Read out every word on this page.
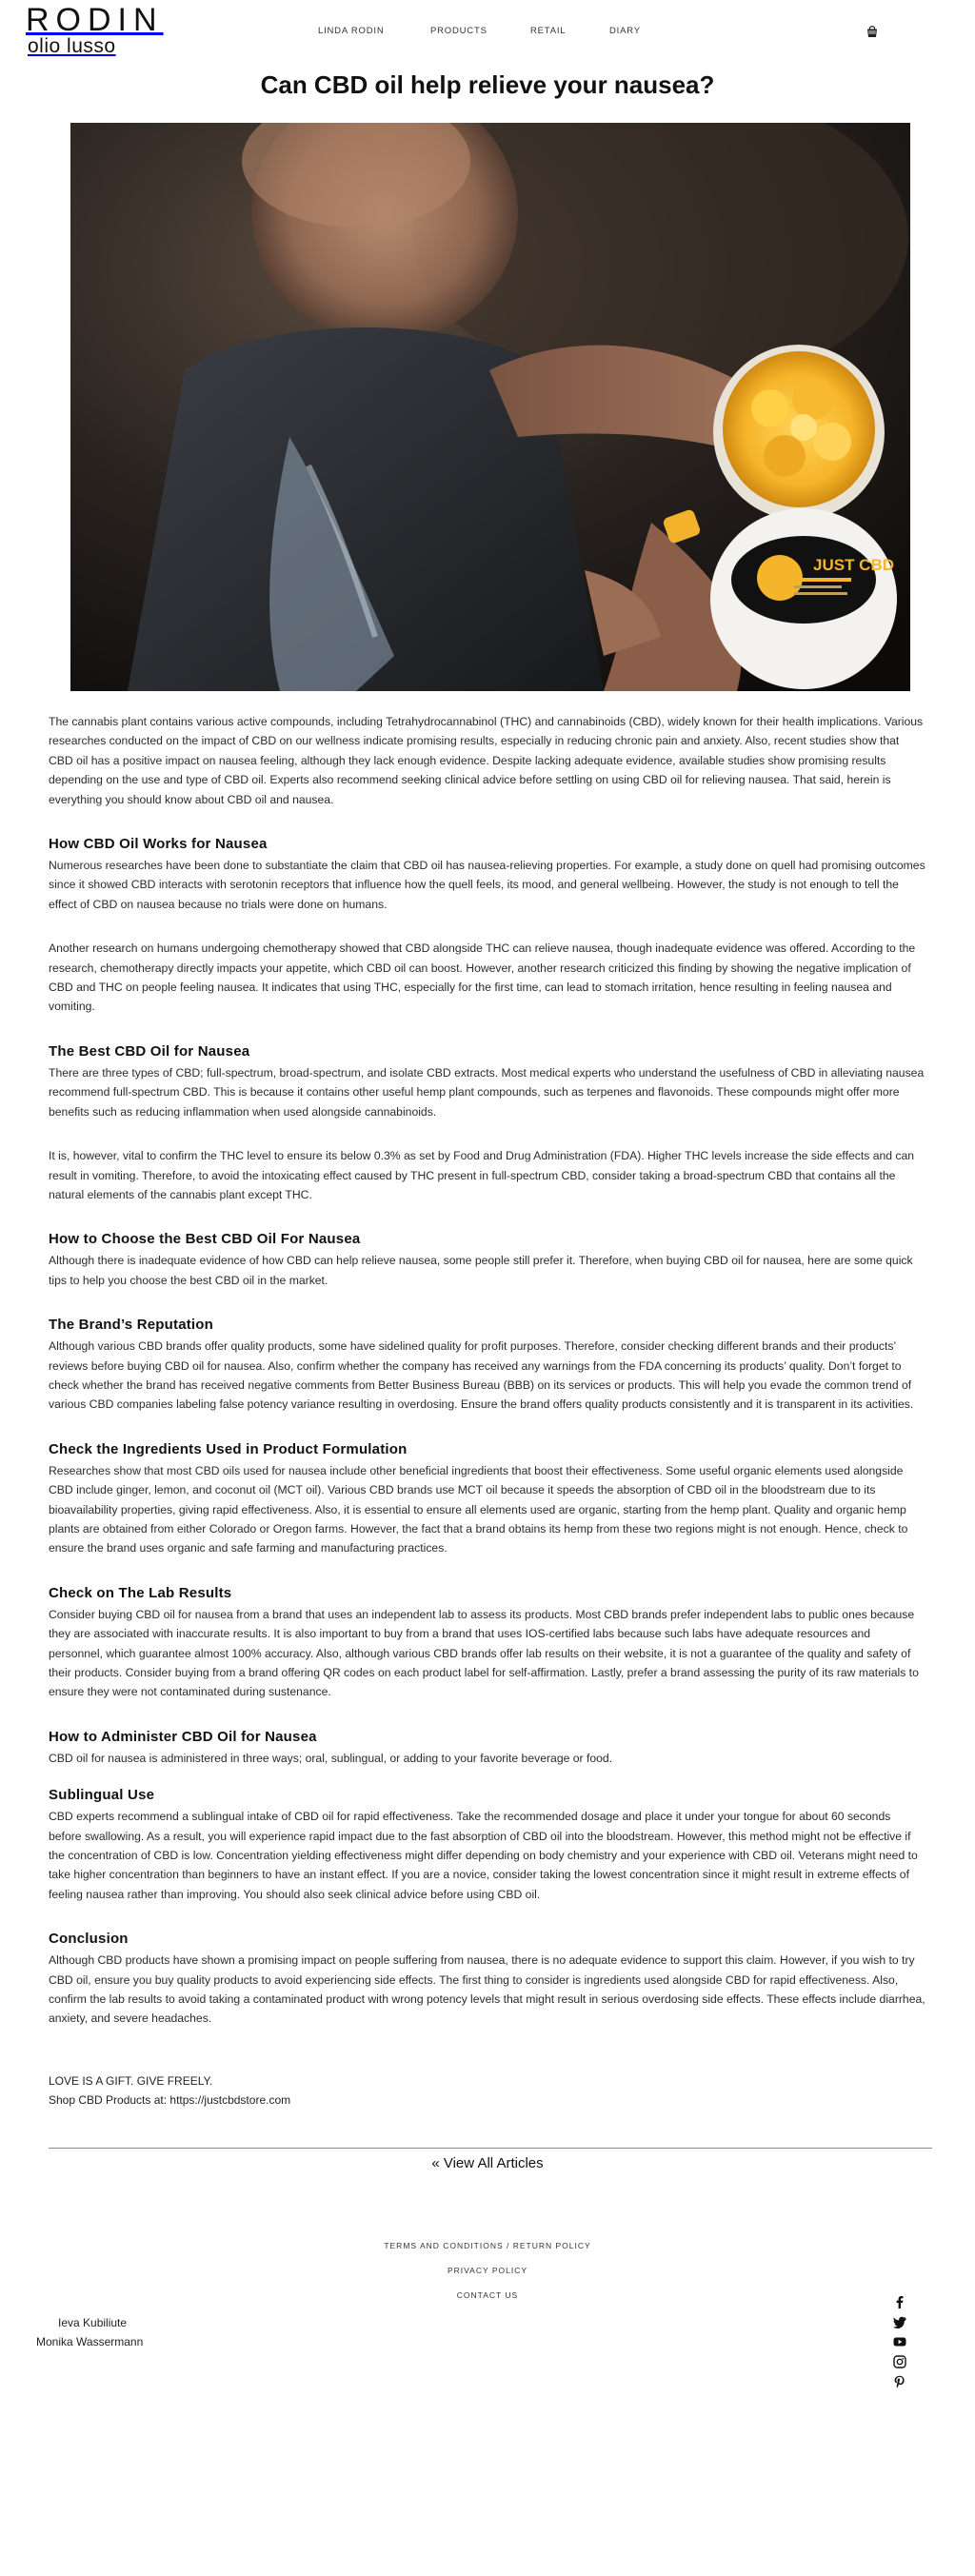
RODIN
olio lusso
LINDA RODIN	PRODUCTS	RETAIL	DIARY
Can CBD oil help relieve your nausea?
JUST CBD

The cannabis plant contains various active compounds, including Tetrahydrocannabinol (THC) and cannabinoids (CBD), widely known for their health implications. Various researches conducted on the impact of CBD on our wellness indicate promising results, especially in reducing chronic pain and anxiety. Also, recent studies show that CBD oil has a positive impact on nausea feeling, although they lack enough evidence. Despite lacking adequate evidence, available studies show promising results depending on the use and type of CBD oil. Experts also recommend seeking clinical advice before settling on using CBD oil for relieving nausea. That said, herein is everything you should know about CBD oil and nausea.

How CBD Oil Works for Nausea

Numerous researches have been done to substantiate the claim that CBD oil has nausea-relieving properties. For example, a study done on quell had promising outcomes since it showed CBD interacts with serotonin receptors that influence how the quell feels, its mood, and general wellbeing. However, the study is not enough to tell the effect of CBD on nausea because no trials were done on humans.

Another research on humans undergoing chemotherapy showed that CBD alongside THC can relieve nausea, though inadequate evidence was offered. According to the research, chemotherapy directly impacts your appetite, which CBD oil can boost. However, another research criticized this finding by showing the negative implication of CBD and THC on people feeling nausea. It indicates that using THC, especially for the first time, can lead to stomach irritation, hence resulting in feeling nausea and vomiting.

The Best CBD Oil for Nausea

There are three types of CBD; full-spectrum, broad-spectrum, and isolate CBD extracts. Most medical experts who understand the usefulness of CBD in alleviating nausea recommend full-spectrum CBD. This is because it contains other useful hemp plant compounds, such as terpenes and flavonoids. These compounds might offer more benefits such as reducing inflammation when used alongside cannabinoids.

It is, however, vital to confirm the THC level to ensure its below 0.3% as set by Food and Drug Administration (FDA). Higher THC levels increase the side effects and can result in vomiting. Therefore, to avoid the intoxicating effect caused by THC present in full-spectrum CBD, consider taking a broad-spectrum CBD that contains all the natural elements of the cannabis plant except THC.

How to Choose the Best CBD Oil For Nausea

Although there is inadequate evidence of how CBD can help relieve nausea, some people still prefer it. Therefore, when buying CBD oil for nausea, here are some quick tips to help you choose the best CBD oil in the market.

The Brand’s Reputation

Although various CBD brands offer quality products, some have sidelined quality for profit purposes. Therefore, consider checking different brands and their products’ reviews before buying CBD oil for nausea. Also, confirm whether the company has received any warnings from the FDA concerning its products’ quality. Don’t forget to check whether the brand has received negative comments from Better Business Bureau (BBB) on its services or products. This will help you evade the common trend of various CBD companies labeling false potency variance resulting in overdosing. Ensure the brand offers quality products consistently and it is transparent in its activities.

Check the Ingredients Used in Product Formulation

Researches show that most CBD oils used for nausea include other beneficial ingredients that boost their effectiveness. Some useful organic elements used alongside CBD include ginger, lemon, and coconut oil (MCT oil). Various CBD brands use MCT oil because it speeds the absorption of CBD oil in the bloodstream due to its bioavailability properties, giving rapid effectiveness. Also, it is essential to ensure all elements used are organic, starting from the hemp plant. Quality and organic hemp plants are obtained from either Colorado or Oregon farms. However, the fact that a brand obtains its hemp from these two regions might is not enough. Hence, check to ensure the brand uses organic and safe farming and manufacturing practices.

Check on The Lab Results

Consider buying CBD oil for nausea from a brand that uses an independent lab to assess its products. Most CBD brands prefer independent labs to public ones because they are associated with inaccurate results. It is also important to buy from a brand that uses IOS-certified labs because such labs have adequate resources and personnel, which guarantee almost 100% accuracy. Also, although various CBD brands offer lab results on their website, it is not a guarantee of the quality and safety of their products. Consider buying from a brand offering QR codes on each product label for self-affirmation. Lastly, prefer a brand assessing the purity of its raw materials to ensure they were not contaminated during sustenance.

How to Administer CBD Oil for Nausea

CBD oil for nausea is administered in three ways; oral, sublingual, or adding to your favorite beverage or food.

Sublingual Use

CBD experts recommend a sublingual intake of CBD oil for rapid effectiveness. Take the recommended dosage and place it under your tongue for about 60 seconds before swallowing. As a result, you will experience rapid impact due to the fast absorption of CBD oil into the bloodstream. However, this method might not be effective if the concentration of CBD is low. Concentration yielding effectiveness might differ depending on body chemistry and your experience with CBD oil. Veterans might need to take higher concentration than beginners to have an instant effect. If you are a novice, consider taking the lowest concentration since it might result in extreme effects of feeling nausea rather than improving. You should also seek clinical advice before using CBD oil.

Conclusion

Although CBD products have shown a promising impact on people suffering from nausea, there is no adequate evidence to support this claim. However, if you wish to try CBD oil, ensure you buy quality products to avoid experiencing side effects. The first thing to consider is ingredients used alongside CBD for rapid effectiveness. Also, confirm the lab results to avoid taking a contaminated product with wrong potency levels that might result in serious overdosing side effects. These effects include diarrhea, anxiety, and severe headaches.

LOVE IS A GIFT. GIVE FREELY.
Shop CBD Products at: https://justcbdstore.com
« View All Articles
TERMS AND CONDITIONS / RETURN POLICY
PRIVACY POLICY
CONTACT US
Ieva Kubiliute
Monika Wassermann
